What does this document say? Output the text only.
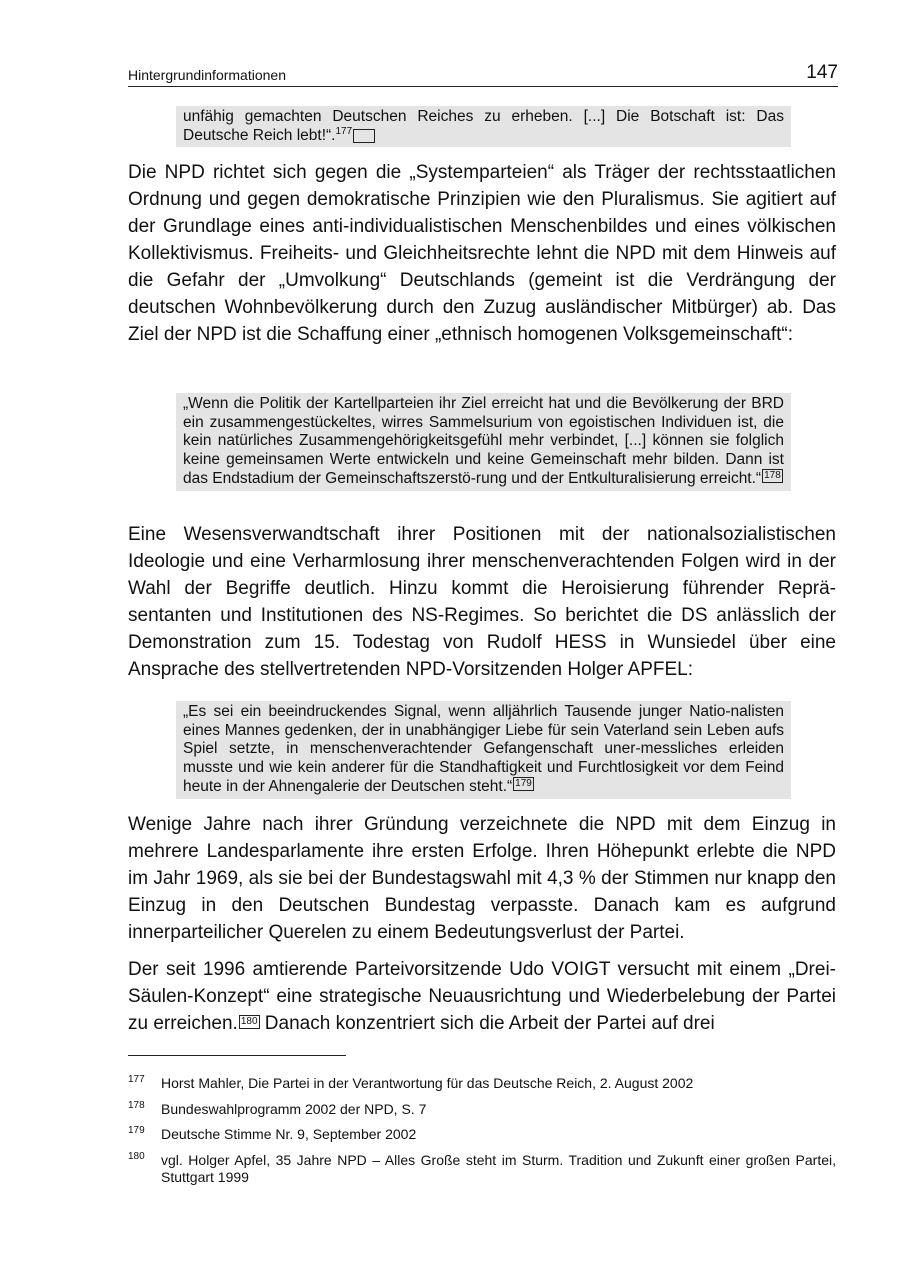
Hintergrundinformationen	147

unfähig gemachten Deutschen Reiches zu erheben. [...] Die Botschaft ist: Das Deutsche Reich lebt!“.$^{177}$

Die NPD richtet sich gegen die „Systemparteien“ als Träger der rechtsstaatlichen Ordnung und gegen demokratische Prinzipien wie den Pluralismus. Sie agitiert auf der Grundlage eines anti-individualistischen Menschenbildes und eines völkischen Kollektivismus. Freiheits- und Gleichheitsrechte lehnt die NPD mit dem Hinweis auf die Gefahr der „Umvolkung“ Deutschlands (gemeint ist die Verdrängung der deutschen Wohnbevölkerung durch den Zuzug ausländischer Mitbürger) ab. Das Ziel der NPD ist die Schaffung einer „ethnisch homogenen Volksgemeinschaft“:

„Wenn die Politik der Kartellparteien ihr Ziel erreicht hat und die Bevölkerung der BRD ein zusammengestückeltes, wirres Sammelsurium von egoistischen Individuen ist, die kein natürliches Zusammengehörigkeitsgefühl mehr verbindet, [...] können sie folglich keine gemeinsamen Werte entwickeln und keine Gemeinschaft mehr bilden. Dann ist das Endstadium der Gemeinschaftszerstö-rung und der Entkulturalisierung erreicht.“ 178

Eine Wesensverwandtschaft ihrer Positionen mit der nationalsozialistischen Ideologie und eine Verharmlosung ihrer menschenverachtenden Folgen wird in der Wahl der Begriffe deutlich. Hinzu kommt die Heroisierung führender Reprä-sentanten und Institutionen des NS-Regimes. So berichtet die DS anlässlich der Demonstration zum 15. Todestag von Rudolf HESS in Wunsiedel über eine Ansprache des stellvertretenden NPD-Vorsitzenden Holger APFEL:

„Es sei ein beeindruckendes Signal, wenn alljährlich Tausende junger Natio-nalisten eines Mannes gedenken, der in unabhängiger Liebe für sein Vaterland sein Leben aufs Spiel setzte, in menschenverachtender Gefangenschaft uner-messliches erleiden musste und wie kein anderer für die Standhaftigkeit und Furchtlosigkeit vor dem Feind heute in der Ahnengalerie der Deutschen steht.“ 179

Wenige Jahre nach ihrer Gründung verzeichnete die NPD mit dem Einzug in mehrere Landesparlamente ihre ersten Erfolge. Ihren Höhepunkt erlebte die NPD im Jahr 1969, als sie bei der Bundestagswahl mit 4,3 % der Stimmen nur knapp den Einzug in den Deutschen Bundestag verpasste. Danach kam es aufgrund innerparteilicher Querelen zu einem Bedeutungsverlust der Partei.

Der seit 1996 amtierende Parteivorsitzende Udo VOIGT versucht mit einem „Drei-Säulen-Konzept“ eine strategische Neuausrichtung und Wiederbelebung der Partei zu erreichen. 180 Danach konzentriert sich die Arbeit der Partei auf drei

177 Horst Mahler, Die Partei in der Verantwortung für das Deutsche Reich, 2. August 2002
178 Bundeswahlprogramm 2002 der NPD, S. 7
179 Deutsche Stimme Nr. 9, September 2002
180 vgl. Holger Apfel, 35 Jahre NPD – Alles Große steht im Sturm. Tradition und Zukunft einer großen Partei, Stuttgart 1999
